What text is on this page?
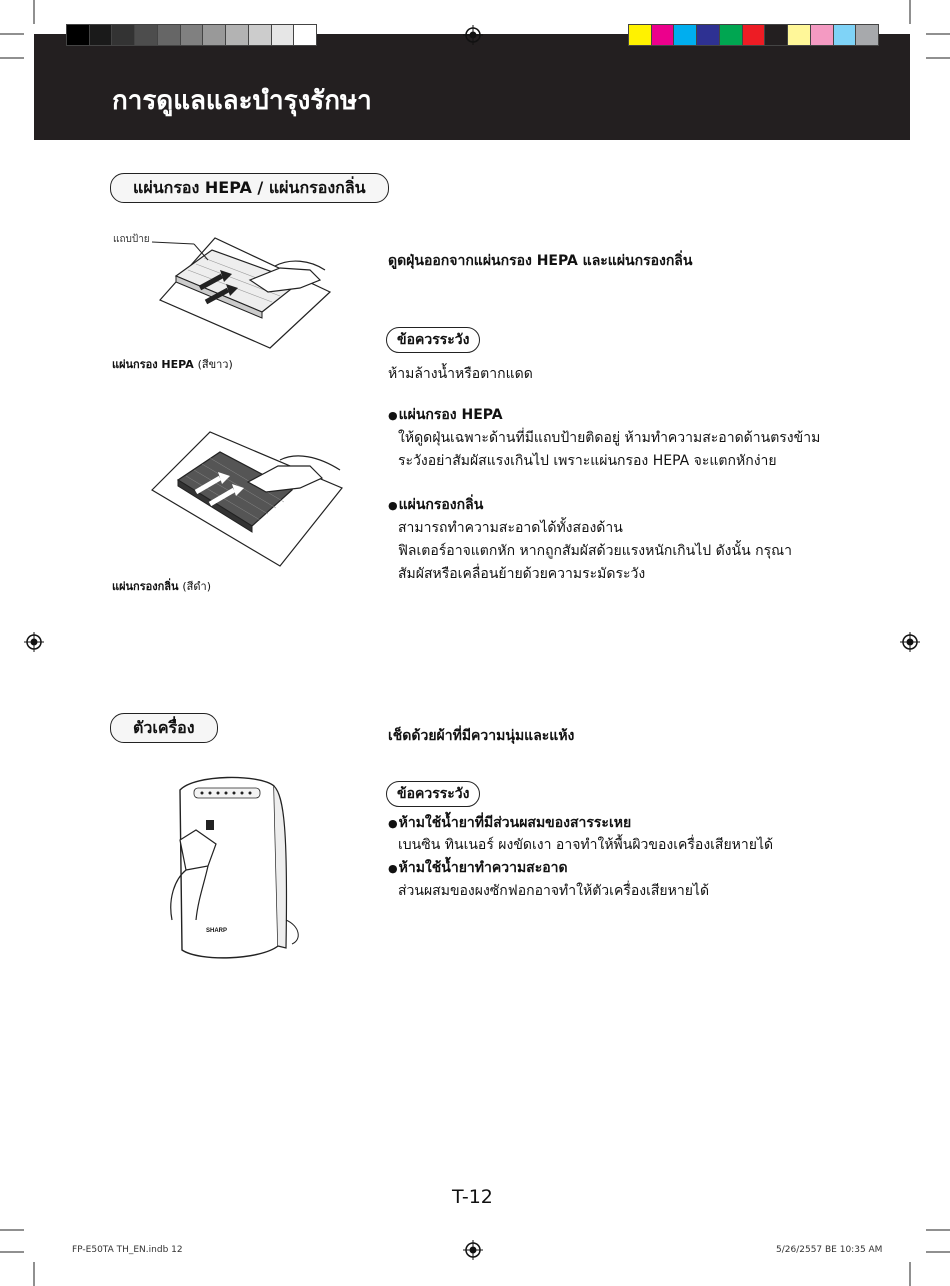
การดูแลและบำรุงรักษา
แผ่นกรอง HEPA / แผ่นกรองกลิ่น
แถบป้าย
แผ่นกรอง HEPA (สีขาว)
แผ่นกรองกลิ่น (สีดำ)
ดูดฝุ่นออกจากแผ่นกรอง HEPA และแผ่นกรองกลิ่น
ข้อควรระวัง
ห้ามล้างน้ำหรือตากแดด
● แผ่นกรอง HEPA
ให้ดูดฝุ่นเฉพาะด้านที่มีแถบป้ายติดอยู่ ห้ามทำความสะอาดด้านตรงข้าม
ระวังอย่าสัมผัสแรงเกินไป เพราะแผ่นกรอง HEPA จะแตกหักง่าย
● แผ่นกรองกลิ่น
สามารถทำความสะอาดได้ทั้งสองด้าน
ฟิลเตอร์อาจแตกหัก หากถูกสัมผัสด้วยแรงหนักเกินไป ดังนั้น กรุณา
สัมผัสหรือเคลื่อนย้ายด้วยความระมัดระวัง
ตัวเครื่อง
SHARP
เช็ดด้วยผ้าที่มีความนุ่มและแห้ง
ข้อควรระวัง
● ห้ามใช้น้ำยาที่มีส่วนผสมของสารระเหย
เบนซิน ทินเนอร์ ผงขัดเงา อาจทำให้พื้นผิวของเครื่องเสียหายได้
● ห้ามใช้น้ำยาทำความสะอาด
ส่วนผสมของผงซักฟอกอาจทำให้ตัวเครื่องเสียหายได้
T-12
FP-E50TA TH_EN.indb 12	5/26/2557 BE 10:35 AM
